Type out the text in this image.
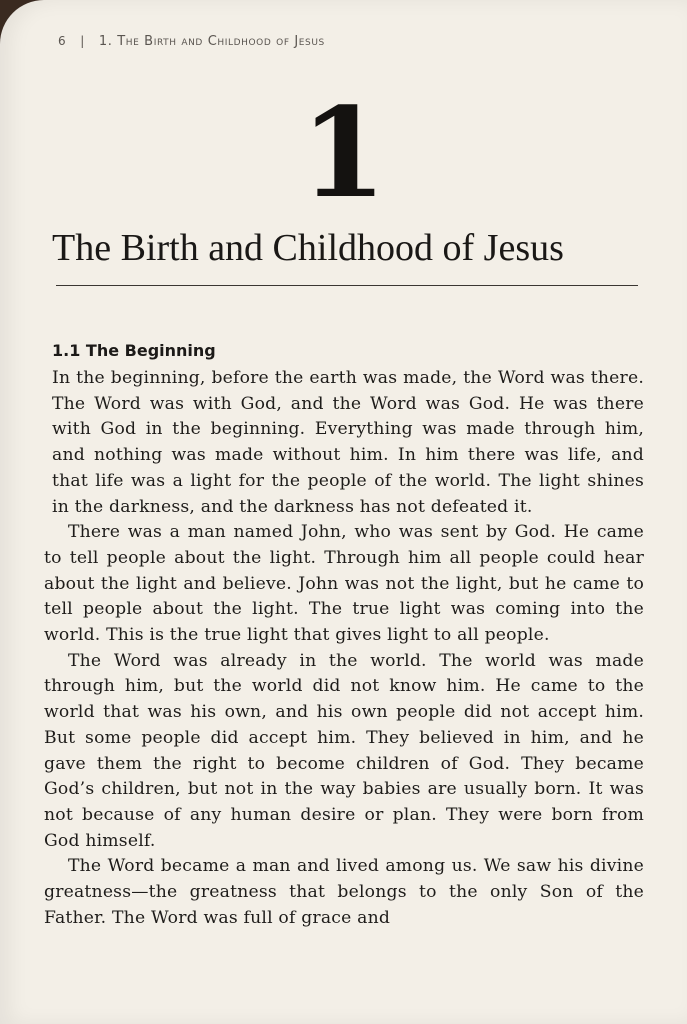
6 | 1. The Birth and Childhood of Jesus
1
The Birth and Childhood of Jesus
1.1 The Beginning

In the beginning, before the earth was made, the Word was there. The Word was with God, and the Word was God. He was there with God in the beginning. Everything was made through him, and nothing was made without him. In him there was life, and that life was a light for the people of the world. The light shines in the darkness, and the darkness has not defeated it.

There was a man named John, who was sent by God. He came to tell people about the light. Through him all people could hear about the light and believe. John was not the light, but he came to tell people about the light. The true light was coming into the world. This is the true light that gives light to all people.

The Word was already in the world. The world was made through him, but the world did not know him. He came to the world that was his own, and his own people did not accept him. But some people did accept him. They believed in him, and he gave them the right to become children of God. They became God’s children, but not in the way babies are usually born. It was not because of any human desire or plan. They were born from God himself.

The Word became a man and lived among us. We saw his divine greatness—the greatness that belongs to the only Son of the Father. The Word was full of grace and
